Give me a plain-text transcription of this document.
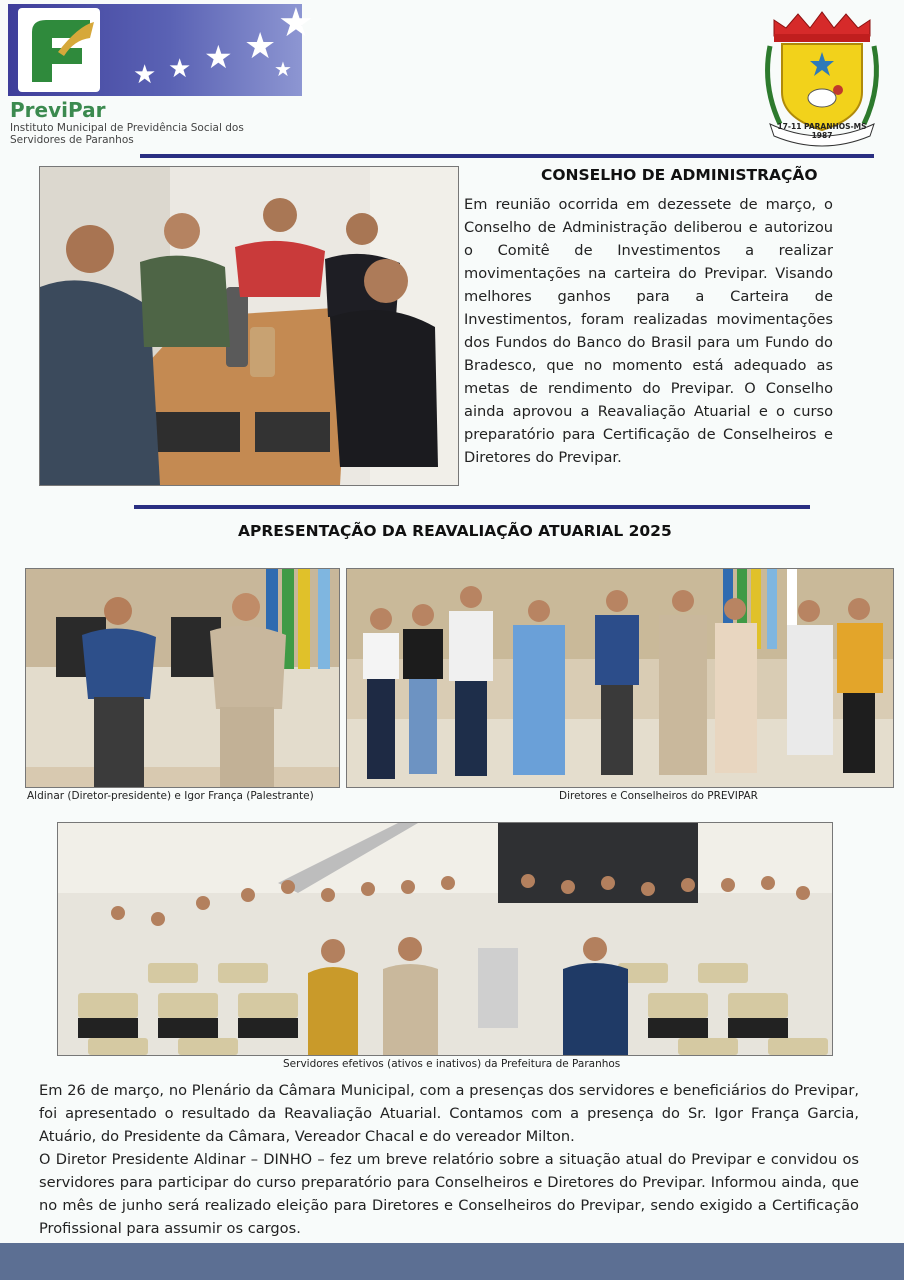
★ ★ ★ ★
★
★
PreviPar
Instituto Municipal de Previdência Social dos
Servidores de Paranhos
17-11 PARANHOS-MS 1987
CONSELHO DE ADMINISTRAÇÃO
Em reunião ocorrida em dezessete de março, o Conselho de Administração deliberou e autorizou o Comitê de Investimentos a realizar movimentações na carteira do Previpar. Visando melhores ganhos para a Carteira de Investimentos, foram realizadas movimentações dos Fundos do Banco do Brasil para um Fundo do Bradesco, que no momento está adequado as metas de rendimento do Previpar. O Conselho ainda aprovou a Reavaliação Atuarial e o curso preparatório para Certificação de Conselheiros e Diretores do Previpar.
APRESENTAÇÃO DA REAVALIAÇÃO ATUARIAL 2025
Aldinar (Diretor-presidente) e Igor França (Palestrante)	Diretores e Conselheiros do PREVIPAR
Servidores efetivos (ativos e inativos) da Prefeitura de Paranhos
Em 26 de março, no Plenário da Câmara Municipal, com a presenças dos servidores e beneficiários do Previpar, foi apresentado o resultado da Reavaliação Atuarial. Contamos com a presença do Sr. Igor França Garcia, Atuário, do Presidente da Câmara, Vereador Chacal e do vereador Milton.
O Diretor Presidente Aldinar – DINHO – fez um breve relatório sobre a situação atual do Previpar e convidou os servidores para participar do curso preparatório para Conselheiros e Diretores do Previpar. Informou ainda, que no mês de junho será realizado eleição para Diretores e Conselheiros do Previpar, sendo exigido a Certificação Profissional para assumir os cargos.
